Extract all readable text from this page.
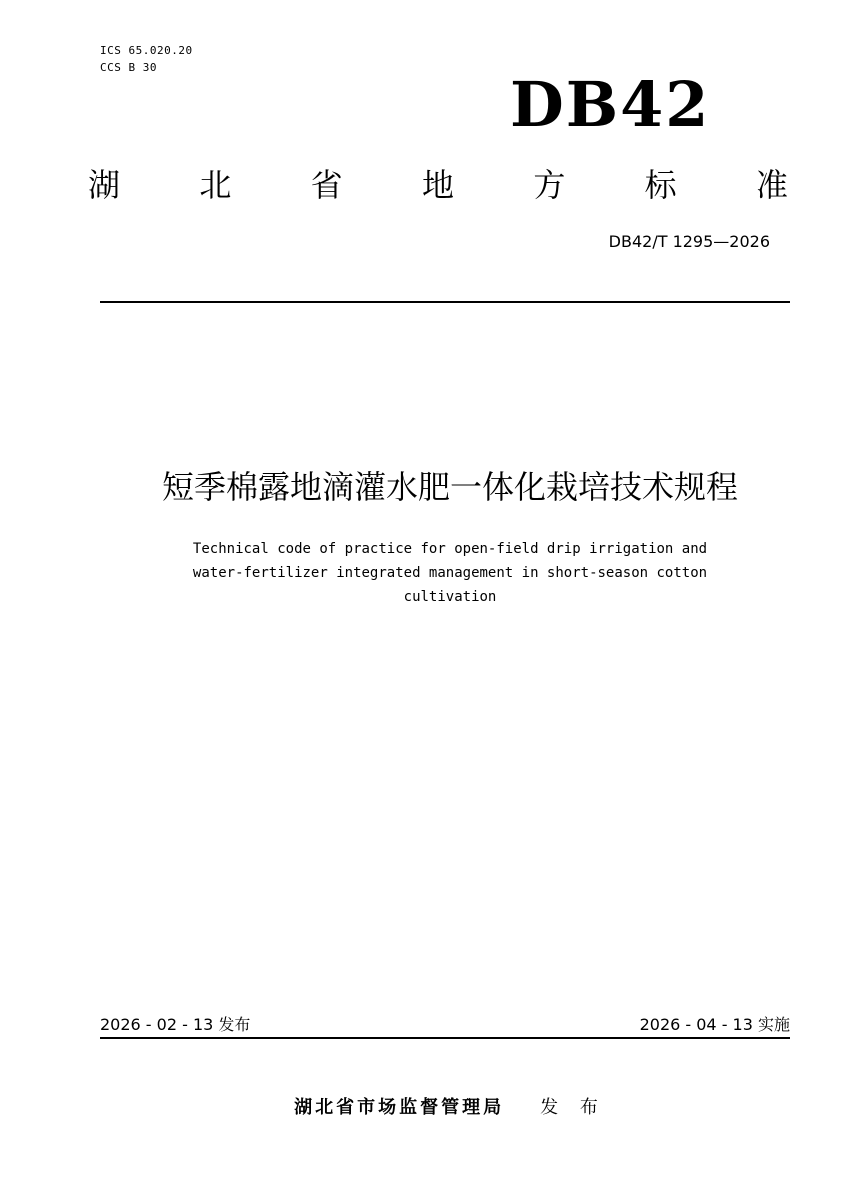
ICS 65.020.20
CCS B 30
DB42
湖 北 省 地 方 标 准
DB42/T 1295—2026
短季棉露地滴灌水肥一体化栽培技术规程
Technical code of practice for open-field drip irrigation and
water-fertilizer integrated management in short-season cotton
cultivation
2026 - 02 - 13 发布	2026 - 04 - 13 实施
湖北省市场监督管理局 发 布
